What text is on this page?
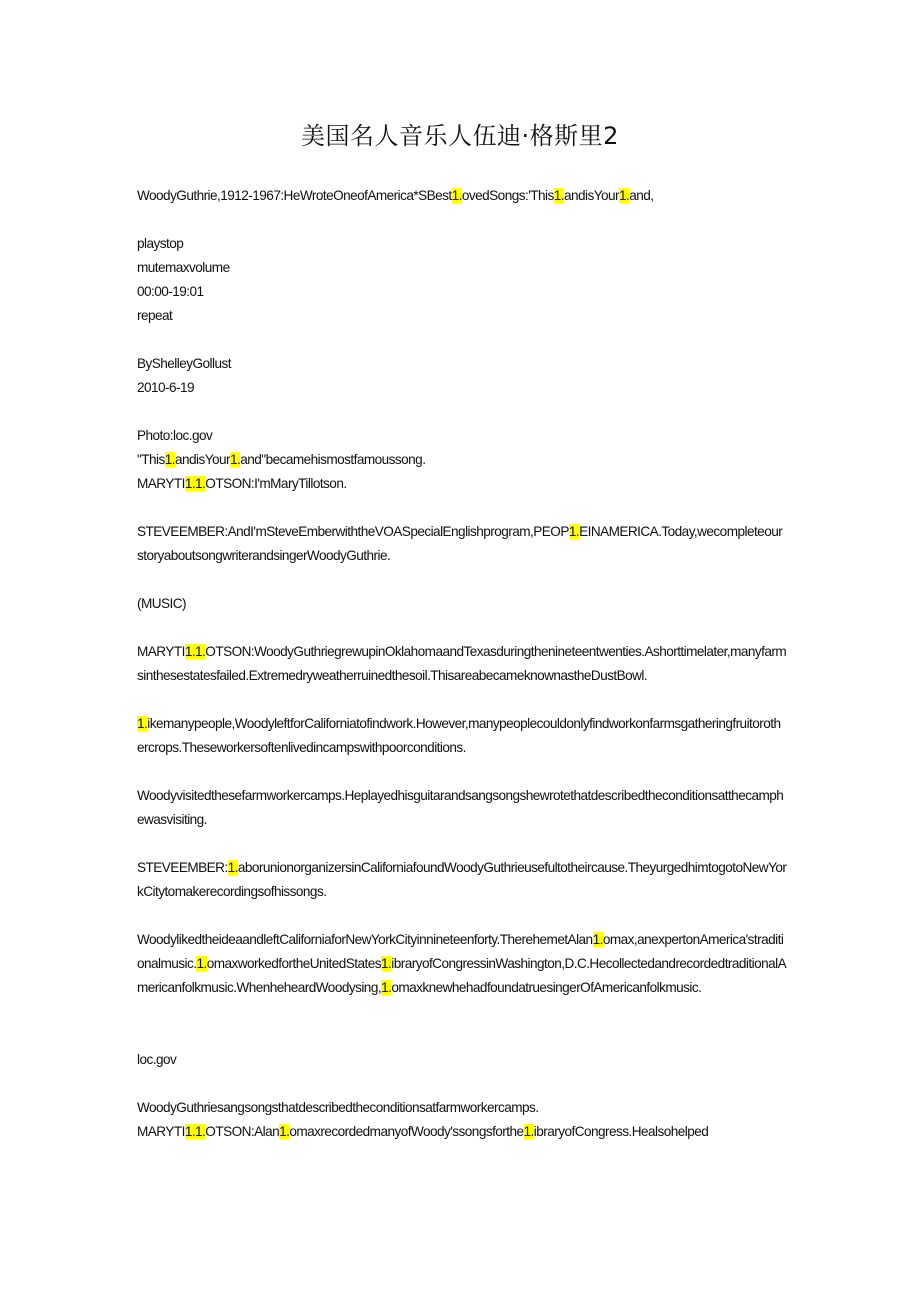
美国名人音乐人伍迪·格斯里2

WoodyGuthrie,1912-1967:HeWroteOneofAmerica*SBest1.ovedSongs:'This1.andisYour1.and,

playstop

mutemaxvolume

00:00-19:01

repeat

ByShelleyGollust

2010-6-19

Photo:loc.gov

"This1.andisYour1.and"becamehismostfamoussong.

MARYTI1.1.OTSON:I'mMaryTillotson.

STEVEEMBER:AndI'mSteveEmberwiththeVOASpecialEnglishprogram,PEOP1.EINAMERICA.Today,wecompleteourstoryaboutsongwriterandsingerWoodyGuthrie.

(MUSIC)

MARYTI1.1.OTSON:WoodyGuthriegrewupinOklahomaandTexasduringthenineteentwenties.Ashorttimelater,manyfarmsinthesestatesfailed.Extremedryweatherruinedthesoil.ThisareabecameknownastheDustBowl.

1.ikemanypeople,WoodyleftforCaliforniatofindwork.However,manypeoplecouldonlyfindworkonfarmsgatheringfruitorothercrops.Theseworkersoftenlivedincampswithpoorconditions.

Woodyvisitedthesefarmworkercamps.Heplayedhisguitarandsangsongshewrotethatdescribedtheconditionsatthecamphewasvisiting.

STEVEEMBER:1.aborunionorganizersinCaliforniafoundWoodyGuthrieusefultotheircause.TheyurgedhimtogotoNewYorkCitytomakerecordingsofhissongs.

WoodylikedtheideaandleftCaliforniaforNewYorkCityinnineteenforty.TherehemetAlan1.omax,anexpertonAmerica'straditionalmusic.1.omaxworkedfortheUnitedStates1.ibraryofCongressinWashington,D.C.HecollectedandrecordedtraditionalAmericanfolkmusic.WhenheheardWoodysing,1.omaxknewhehadfoundatruesingerOfAmericanfolkmusic.

loc.gov

WoodyGuthriesangsongsthatdescribedtheconditionsatfarmworkercamps.

MARYTI1.1.OTSON:Alan1.omaxrecordedmanyofWoody'ssongsforthe1.ibraryofCongress.Healsohelped
